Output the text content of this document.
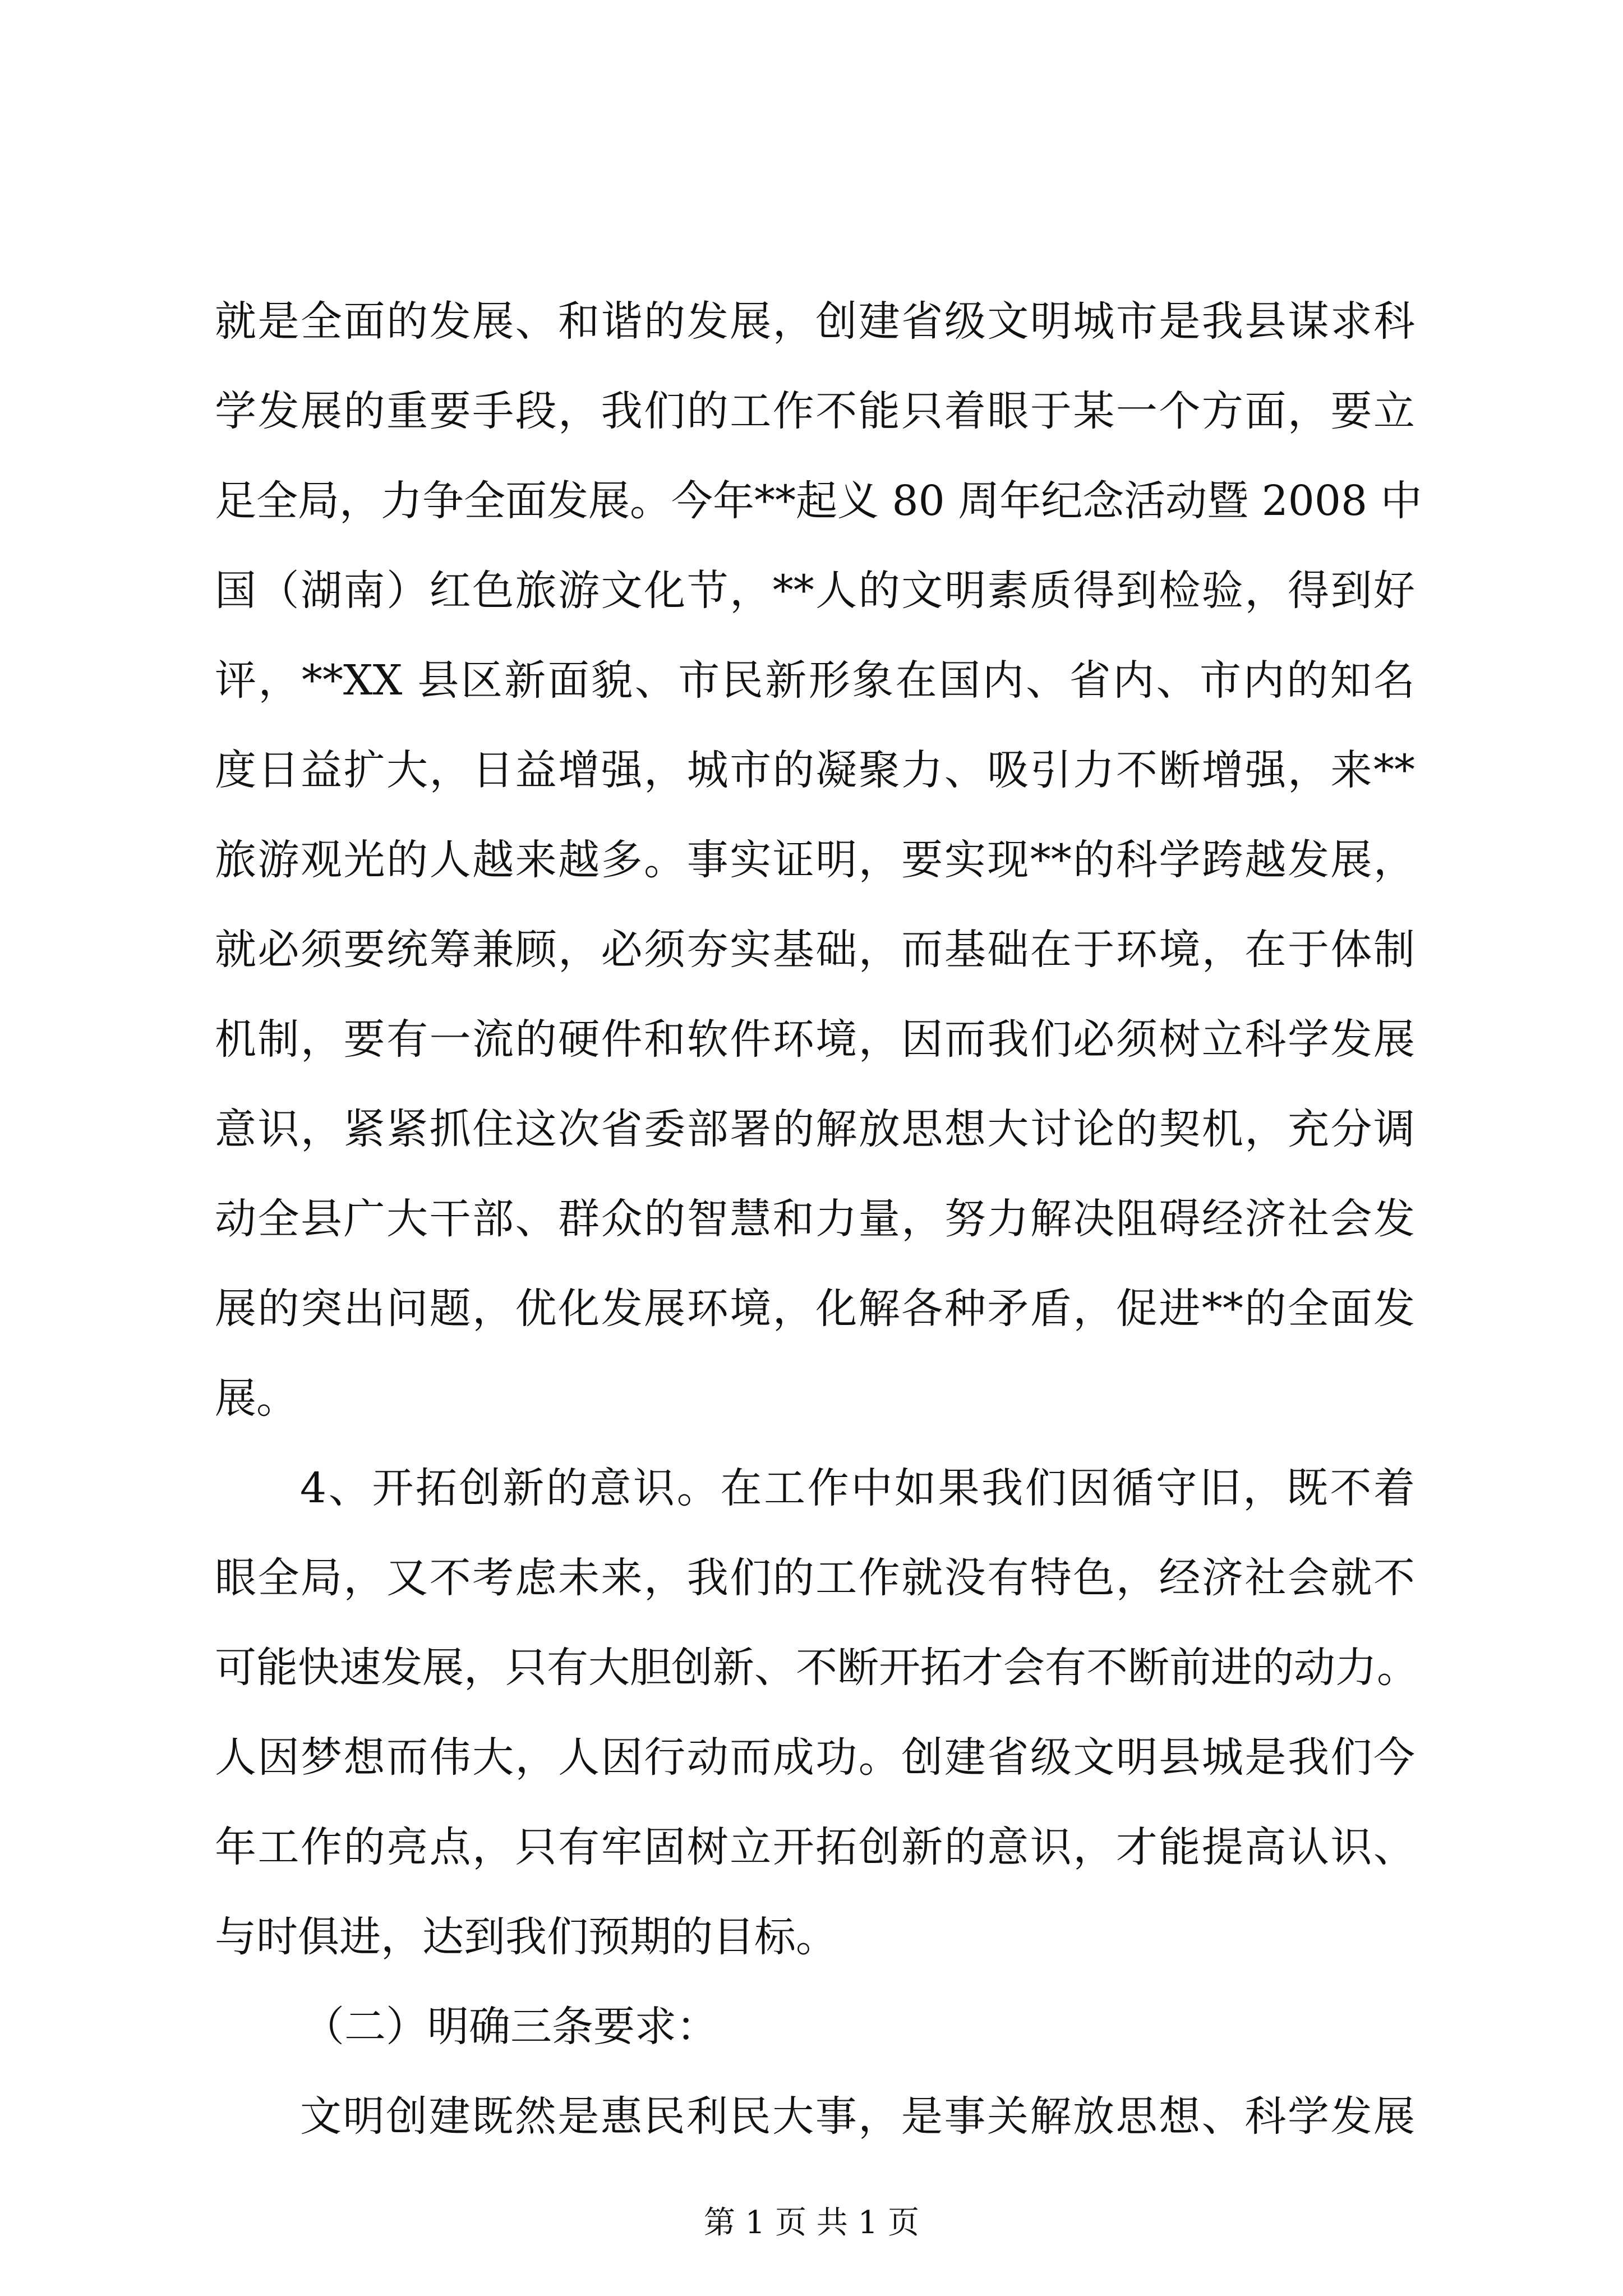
就是全面的发展、和谐的发展，创建省级文明城市是我县谋求科
学发展的重要手段，我们的工作不能只着眼于某一个方面，要立
足全局，力争全面发展。今年**起义 80 周年纪念活动暨 2008 中
国（湖南）红色旅游文化节，**人的文明素质得到检验，得到好
评，**XX 县区新面貌、市民新形象在国内、省内、市内的知名
度日益扩大，日益增强，城市的凝聚力、吸引力不断增强，来**
旅游观光的人越来越多。事实证明，要实现**的科学跨越发展，
就必须要统筹兼顾，必须夯实基础，而基础在于环境，在于体制
机制，要有一流的硬件和软件环境，因而我们必须树立科学发展
意识，紧紧抓住这次省委部署的解放思想大讨论的契机，充分调
动全县广大干部、群众的智慧和力量，努力解决阻碍经济社会发
展的突出问题，优化发展环境，化解各种矛盾，促进**的全面发
展。
4、开拓创新的意识。在工作中如果我们因循守旧，既不着
眼全局，又不考虑未来，我们的工作就没有特色，经济社会就不
可能快速发展，只有大胆创新、不断开拓才会有不断前进的动力。
人因梦想而伟大，人因行动而成功。创建省级文明县城是我们今
年工作的亮点，只有牢固树立开拓创新的意识，才能提高认识、
与时俱进，达到我们预期的目标。
（二）明确三条要求：
文明创建既然是惠民利民大事，是事关解放思想、科学发展
第 1 页 共 1 页
